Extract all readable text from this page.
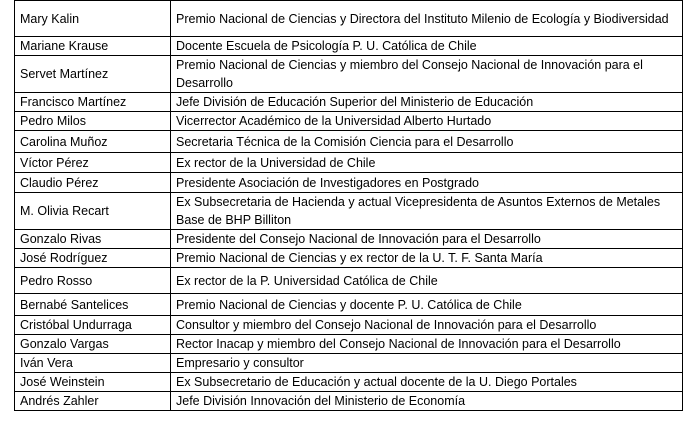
Mary Kalin	Premio Nacional de Ciencias y Directora del Instituto Milenio de Ecología y Biodiversidad
Mariane Krause	Docente Escuela de Psicología P. U. Católica de Chile
Servet Martínez	Premio Nacional de Ciencias y miembro del Consejo Nacional de Innovación para el Desarrollo
Francisco Martínez	Jefe División de Educación Superior del Ministerio de Educación
Pedro Milos	Vicerrector Académico de la Universidad Alberto Hurtado
Carolina Muñoz	Secretaria Técnica de la Comisión Ciencia para el Desarrollo
Víctor Pérez	Ex rector de la Universidad de Chile
Claudio Pérez	Presidente Asociación de Investigadores en Postgrado
M. Olivia Recart	Ex Subsecretaria de Hacienda y actual Vicepresidenta de Asuntos Externos de Metales Base de BHP Billiton
Gonzalo Rivas	Presidente del Consejo Nacional de Innovación para el Desarrollo
José Rodríguez	Premio Nacional de Ciencias y ex rector de la U. T. F. Santa María
Pedro Rosso	Ex rector de la P. Universidad Católica de Chile
Bernabé Santelices	Premio Nacional de Ciencias y docente P. U. Católica de Chile
Cristóbal Undurraga	Consultor y miembro del Consejo Nacional de Innovación para el Desarrollo
Gonzalo Vargas	Rector Inacap y miembro del Consejo Nacional de Innovación para el Desarrollo
Iván Vera	Empresario y consultor
José Weinstein	Ex Subsecretario de Educación y actual docente de la U. Diego Portales
Andrés Zahler	Jefe División Innovación del Ministerio de Economía
